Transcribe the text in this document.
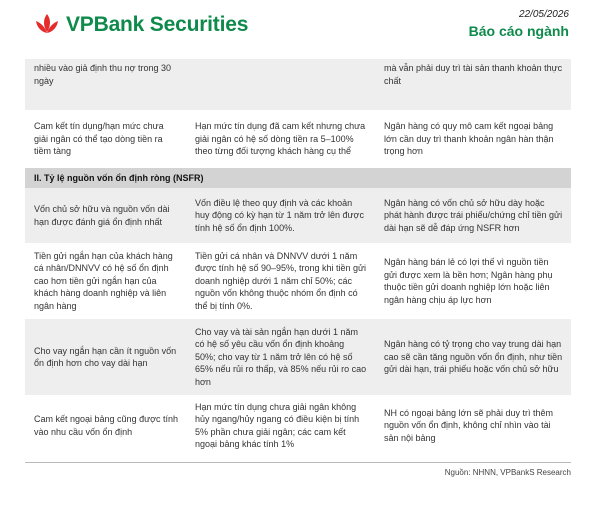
VPBank Securities	22/05/2026
Báo cáo ngành
nhiều vào giả định thu nợ trong 30 ngày
mà vẫn phải duy trì tài sản thanh khoản thực chất
Cam kết tín dụng/hạn mức chưa giải ngân có thể tạo dòng tiền ra tiềm tàng
Hạn mức tín dụng đã cam kết nhưng chưa giải ngân có hệ số dòng tiền ra 5–100% theo từng đối tượng khách hàng cụ thể
Ngân hàng có quy mô cam kết ngoại bảng lớn cần duy trì thanh khoản ngân hàn thận trọng hơn
II. Tỷ lệ nguồn vốn ổn định ròng (NSFR)
Vốn chủ sở hữu và nguồn vốn dài hạn được đánh giá ổn định nhất
Vốn điều lệ theo quy định và các khoản huy động có kỳ hạn từ 1 năm trở lên được tính hệ số ổn định 100%.
Ngân hàng có vốn chủ sở hữu dày hoặc phát hành được trái phiếu/chứng chỉ tiền gửi dài hạn sẽ dễ đáp ứng NSFR hơn
Tiền gửi ngắn hạn của khách hàng cá nhân/DNNVV có hệ số ổn định cao hơn tiền gửi ngắn hạn của khách hàng doanh nghiệp và liên ngân hàng
Tiền gửi cá nhân và DNNVV dưới 1 năm được tính hệ số 90–95%, trong khi tiền gửi doanh nghiệp dưới 1 năm chỉ 50%; các nguồn vốn không thuộc nhóm ổn định có thể bị tính 0%.
Ngân hàng bán lẻ có lợi thế vì nguồn tiền gửi được xem là bền hơn; Ngân hàng phụ thuộc tiền gửi doanh nghiệp lớn hoặc liên ngân hàng chịu áp lực hơn
Cho vay ngắn hạn cần ít nguồn vốn ổn định hơn cho vay dài hạn
Cho vay và tài sản ngắn hạn dưới 1 năm có hệ số yêu cầu vốn ổn định khoảng 50%; cho vay từ 1 năm trở lên có hệ số 65% nếu rủi ro thấp, và 85% nếu rủi ro cao hơn
Ngân hàng có tỷ trọng cho vay trung dài hạn cao sẽ cần tăng nguồn vốn ổn định, như tiền gửi dài hạn, trái phiếu hoặc vốn chủ sở hữu
Cam kết ngoại bảng cũng được tính vào nhu cầu vốn ổn định
Hạn mức tín dụng chưa giải ngân không hủy ngang/hủy ngang có điều kiện bị tính 5% phần chưa giải ngân; các cam kết ngoại bảng khác tính 1%
NH có ngoại bảng lớn sẽ phải duy trì thêm nguồn vốn ổn định, không chỉ nhìn vào tài sản nội bảng
Nguồn: NHNN, VPBankS Research
